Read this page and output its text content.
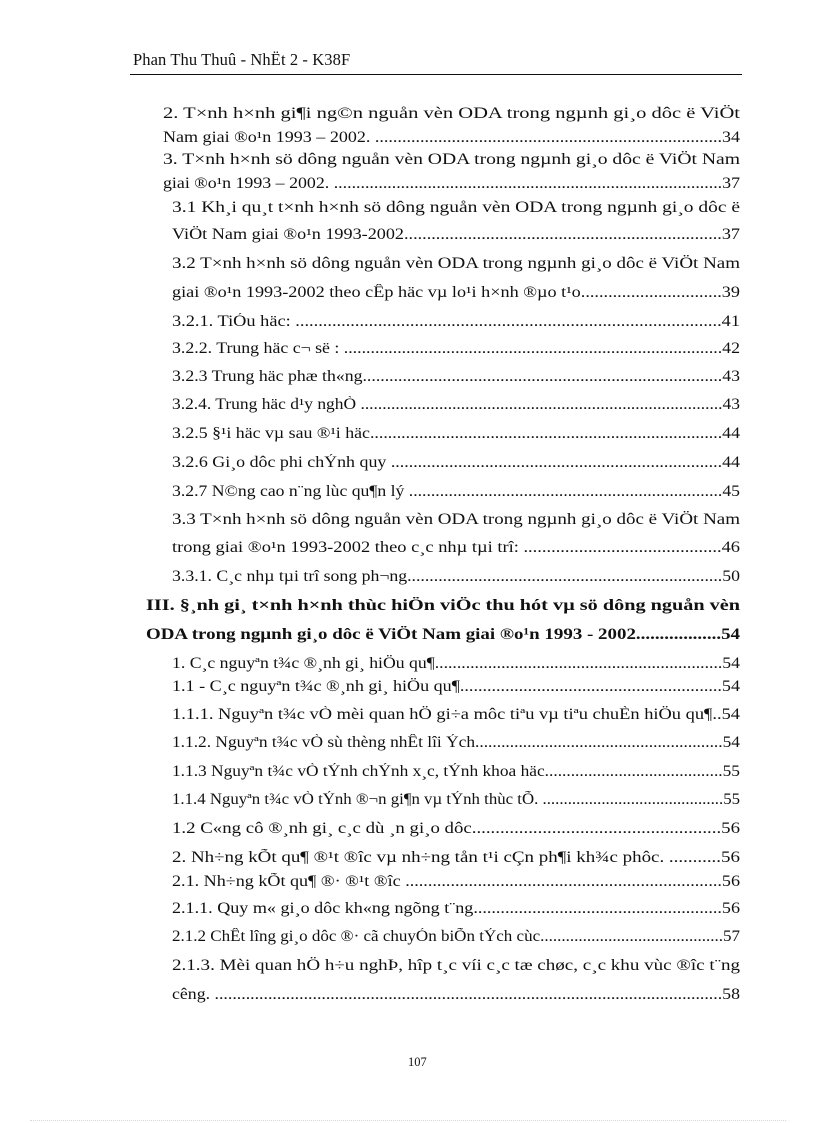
Phan Thu Thuû - NhËt 2 - K38F
2. T×nh h×nh gi¶i ng©n nguån vèn ODA trong ngµnh gi¸o dôc ë ViÖt
Nam giai ®o¹n 1993 – 2002. .............................................................................34
3. T×nh h×nh sö dông nguån vèn ODA trong ngµnh gi¸o dôc ë ViÖt Nam
giai ®o¹n 1993 – 2002. .......................................................................................37
3.1 Kh¸i qu¸t t×nh h×nh sö dông nguån vèn ODA trong ngµnh gi¸o dôc ë
ViÖt Nam giai ®o¹n 1993-2002......................................................................37
3.2 T×nh h×nh sö dông nguån vèn ODA trong ngµnh gi¸o dôc ë ViÖt Nam
giai ®o¹n 1993-2002 theo cÊp häc vµ lo¹i h×nh ®µo t¹o...............................39
3.2.1. TiÓu häc: .............................................................................................41
3.2.2. Trung häc c¬ së : .....................................................................................42
3.2.3 Trung häc phæ th«ng.................................................................................43
3.2.4. Trung häc d¹y nghÒ ...................................................................................43
3.2.5 §¹i häc vµ sau ®¹i häc...............................................................................44
3.2.6 Gi¸o dôc phi chÝnh quy ..........................................................................44
3.2.7 N©ng cao n¨ng lùc qu¶n lý .......................................................................45
3.3 T×nh h×nh sö dông nguån vèn ODA trong ngµnh gi¸o dôc ë ViÖt Nam
trong giai ®o¹n 1993-2002 theo c¸c nhµ tµi trî: ...........................................46
3.3.1. C¸c nhµ tµi trî song ph¬ng.......................................................................50
III. §¸nh gi¸ t×nh h×nh thùc hiÖn viÖc thu hót vµ sö dông nguån vèn
ODA trong ngµnh gi¸o dôc ë ViÖt Nam giai ®o¹n 1993 - 2002..................54
1. C¸c nguyªn t¾c ®¸nh gi¸ hiÖu qu¶.................................................................54
1.1 - C¸c nguyªn t¾c ®¸nh gi¸ hiÖu qu¶..........................................................54
1.1.1. Nguyªn t¾c vÒ mèi quan hÖ gi÷a môc tiªu vµ tiªu chuÈn hiÖu qu¶..54
1.1.2. Nguyªn t¾c vÒ sù thèng nhÊt lîi Ých.........................................................54
1.1.3 Nguyªn t¾c vÒ tÝnh chÝnh x¸c, tÝnh khoa häc.........................................55
1.1.4 Nguyªn t¾c vÒ tÝnh ®¬n gi¶n vµ tÝnh thùc tÕ. ...........................................55
1.2 C«ng cô ®¸nh gi¸ c¸c dù ¸n gi¸o dôc.....................................................56
2. Nh÷ng kÕt qu¶ ®¹t ®îc vµ nh÷ng tån t¹i cÇn ph¶i kh¾c phôc. ...........56
2.1. Nh÷ng kÕt qu¶ ®· ®¹t ®îc ......................................................................56
2.1.1. Quy m« gi¸o dôc kh«ng ngõng t¨ng.......................................................56
2.1.2 ChÊt lîng gi¸o dôc ®· cã chuyÓn biÕn tÝch cùc...........................................57
2.1.3. Mèi quan hÖ h÷u nghÞ, hîp t¸c víi c¸c tæ chøc, c¸c khu vùc ®îc t¨ng
cêng. ..................................................................................................................58
107
